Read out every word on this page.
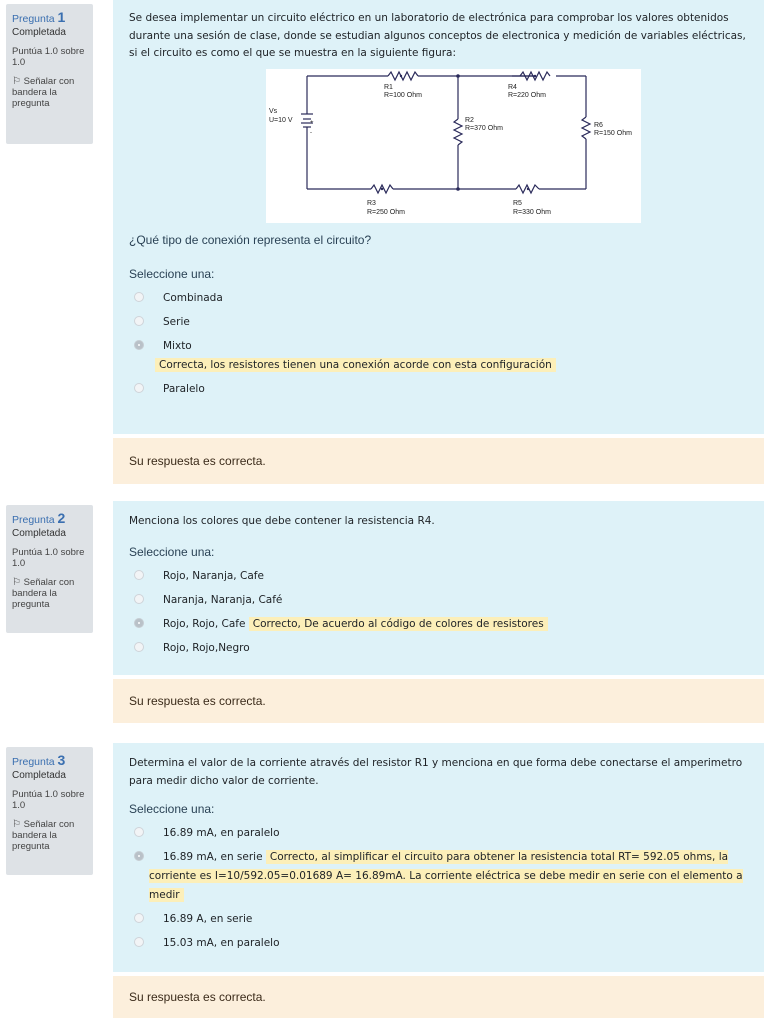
Pregunta 1
Completada
Puntúa 1.0 sobre 1.0
⚐ Señalar con bandera la pregunta
Se desea implementar un circuito eléctrico en un laboratorio de electrónica para comprobar los valores obtenidos durante una sesión de clase, donde se estudian algunos conceptos de electronica y medición de variables eléctricas, si el circuito es como el que se muestra en la siguiente figura:
+
-
Vs
U=10 V
R1
R=100 Ohm
R4
R=220 Ohm
R2
R=370 Ohm	R6
R=150 Ohm
R3
R=250 Ohm
R5
R=330 Ohm
¿Qué tipo de conexión representa el circuito?
Seleccione una:
Combinada
Serie
Mixto
Correcta, los resistores tienen una conexión acorde con esta configuración
Paralelo
Su respuesta es correcta.
Pregunta 2
Completada
Puntúa 1.0 sobre 1.0
⚐ Señalar con bandera la pregunta
Menciona los colores que debe contener la resistencia R4.
Seleccione una:
Rojo, Naranja, Cafe
Naranja, Naranja, Café
Rojo, Rojo, Cafe Correcto, De acuerdo al código de colores de resistores
Rojo, Rojo,Negro
Su respuesta es correcta.
Pregunta 3
Completada
Puntúa 1.0 sobre 1.0
⚐ Señalar con bandera la pregunta
Determina el valor de la corriente através del resistor R1 y menciona en que forma debe conectarse el amperimetro para medir dicho valor de corriente.
Seleccione una:
16.89 mA, en paralelo
16.89 mA, en serie Correcto, al simplificar el circuito para obtener la resistencia total RT= 592.05 ohms, la corriente es I=10/592.05=0.01689 A= 16.89mA. La corriente eléctrica se debe medir en serie con el elemento a medir
16.89 A, en serie
15.03 mA, en paralelo
Su respuesta es correcta.
